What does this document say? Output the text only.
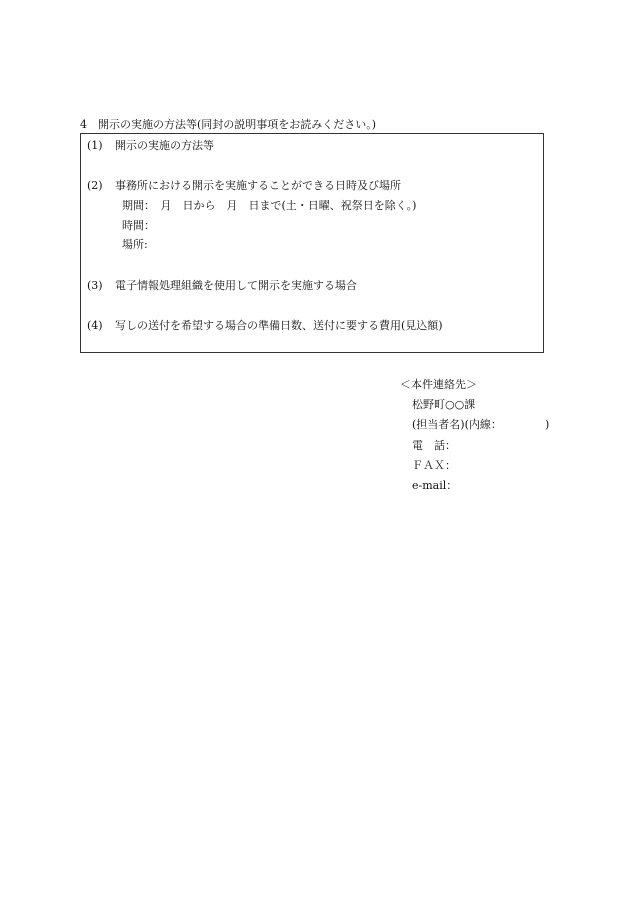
4　開示の実施の方法等(同封の説明事項をお読みください。)
(1) 開示の実施の方法等
(2) 事務所における開示を実施することができる日時及び場所
期間：　月　日から　月　日まで(土・日曜、祝祭日を除く。)
時間：
場所:
(3) 電子情報処理組織を使用して開示を実施する場合
(4) 写しの送付を希望する場合の準備日数、送付に要する費用(見込額)
＜本件連絡先＞
松野町○○課
(担当者名)(内線：	)
電　話：
ＦＡＸ：
e-mail：
